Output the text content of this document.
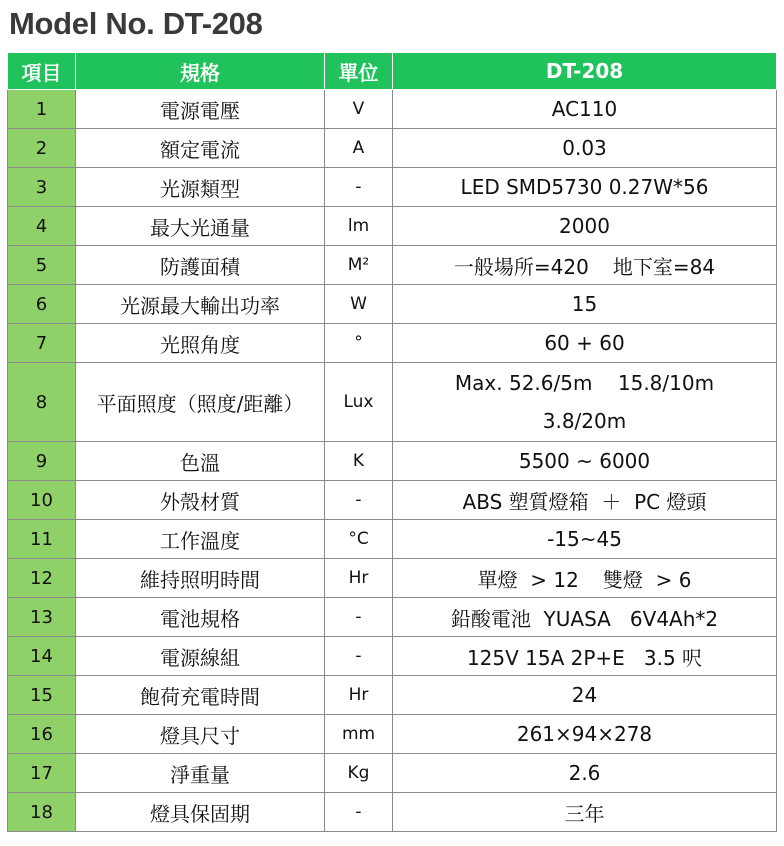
Model No. DT-208
項目	規格	單位	DT-208
1	電源電壓	V	AC110
2	額定電流	A	0.03
3	光源類型	-	LED SMD5730 0.27W*56
4	最大光通量	lm	2000
5	防護面積	M²	一般場所=420 地下室=84
6	光源最大輸出功率	W	15
7	光照角度	°	60 + 60
8	平面照度（照度/距離）	Lux	Max. 52.6/5m    15.8/10m
3.8/20m

9	色溫	K	5500 ~ 6000
10	外殼材質	-	ABS 塑質燈箱  ＋  PC 燈頭
11	工作溫度	°C	-15~45
12	維持照明時間	Hr	單燈  > 12 雙燈  > 6
13	電池規格	-	鉛酸電池  YUASA   6V4Ah*2
14	電源線組	-	125V 15A 2P+E   3.5 呎
15	飽荷充電時間	Hr	24
16	燈具尺寸	mm	261×94×278
17	淨重量	Kg	2.6
18	燈具保固期	-	三年
